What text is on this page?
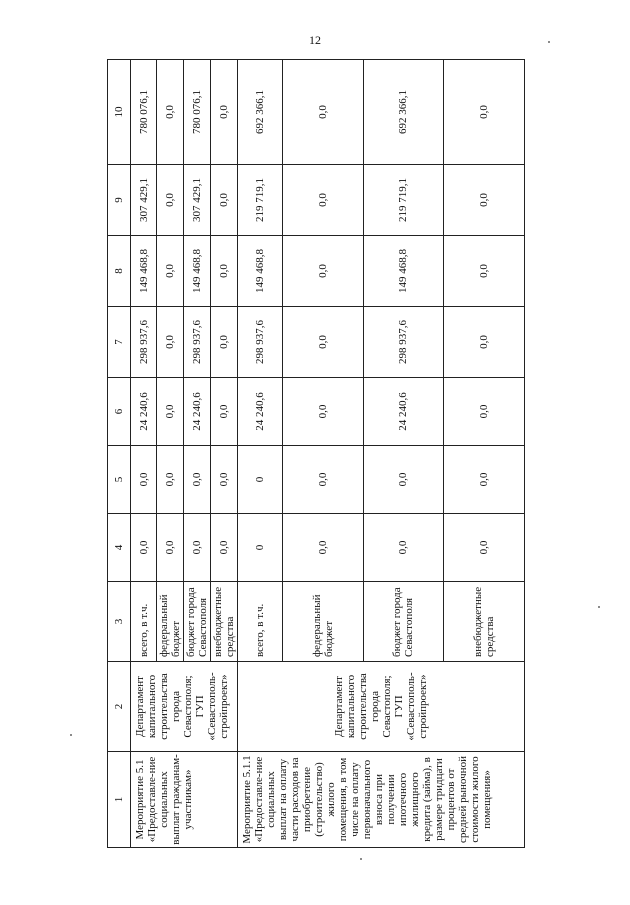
12
1	2	3	4	5	6	7	8	9	10
Мероприятие 5.1 «Предоставле-ние социальных выплат гражданам-участникам»	Департамент капитального строительства города Севастополя; ГУП «Севастополь-стройпроект»	всего, в т.ч.	0,0	0,0	24 240,6	298 937,6	149 468,8	307 429,1	780 076,1
		федеральный бюджет	0,0	0,0	0,0	0,0	0,0	0,0	0,0
		бюджет города Севастополя	0,0	0,0	24 240,6	298 937,6	149 468,8	307 429,1	780 076,1
		внебюджетные средства	0,0	0,0	0,0	0,0	0,0	0,0	0,0
Мероприятие 5.1.1 «Предоставле-ние социальных выплат на оплату части расходов на приобретение (строительство) жилого помещения, в том числе на оплату первоначального взноса при получении ипотечного жилищного кредита (займа), в размере тридцати процентов от средней рыночной стоимости жилого помещения»	Департамент капитального строительства города Севастополя; ГУП «Севастополь-стройпроект»	всего, в т.ч.	0	0	24 240,6	298 937,6	149 468,8	219 719,1	692 366,1
		федеральный бюджет	0,0	0,0	0,0	0,0	0,0	0,0	0,0
		бюджет города Севастополя	0,0	0,0	24 240,6	298 937,6	149 468,8	219 719,1	692 366,1
		внебюджетные средства	0,0	0,0	0,0	0,0	0,0	0,0	0,0
